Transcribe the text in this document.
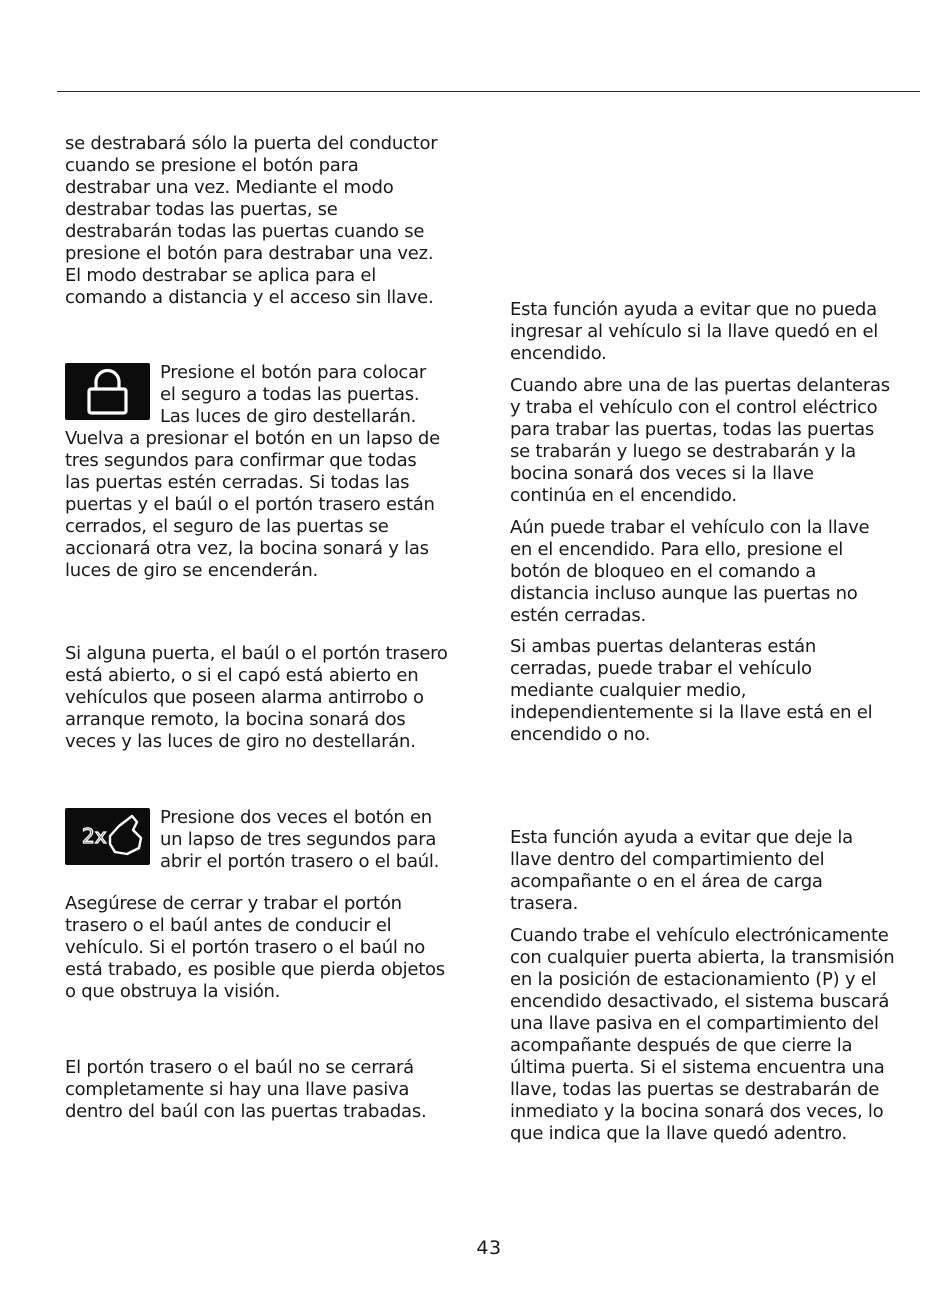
se destrabará sólo la puerta del conductor
cuando se presione el botón para
destrabar una vez. Mediante el modo
destrabar todas las puertas, se
destrabarán todas las puertas cuando se
presione el botón para destrabar una vez.
El modo destrabar se aplica para el
comando a distancia y el acceso sin llave.

Presione el botón para colocar
el seguro a todas las puertas.
Las luces de giro destellarán.

Vuelva a presionar el botón en un lapso de
tres segundos para confirmar que todas
las puertas estén cerradas. Si todas las
puertas y el baúl o el portón trasero están
cerrados, el seguro de las puertas se
accionará otra vez, la bocina sonará y las
luces de giro se encenderán.

Si alguna puerta, el baúl o el portón trasero
está abierto, o si el capó está abierto en
vehículos que poseen alarma antirrobo o
arranque remoto, la bocina sonará dos
veces y las luces de giro no destellarán.

2x

Presione dos veces el botón en
un lapso de tres segundos para
abrir el portón trasero o el baúl.

Asegúrese de cerrar y trabar el portón
trasero o el baúl antes de conducir el
vehículo. Si el portón trasero o el baúl no
está trabado, es posible que pierda objetos
o que obstruya la visión.

El portón trasero o el baúl no se cerrará
completamente si hay una llave pasiva
dentro del baúl con las puertas trabadas.

Esta función ayuda a evitar que no pueda
ingresar al vehículo si la llave quedó en el
encendido.

Cuando abre una de las puertas delanteras
y traba el vehículo con el control eléctrico
para trabar las puertas, todas las puertas
se trabarán y luego se destrabarán y la
bocina sonará dos veces si la llave
continúa en el encendido.

Aún puede trabar el vehículo con la llave
en el encendido. Para ello, presione el
botón de bloqueo en el comando a
distancia incluso aunque las puertas no
estén cerradas.

Si ambas puertas delanteras están
cerradas, puede trabar el vehículo
mediante cualquier medio,
independientemente si la llave está en el
encendido o no.

Esta función ayuda a evitar que deje la
llave dentro del compartimiento del
acompañante o en el área de carga
trasera.

Cuando trabe el vehículo electrónicamente
con cualquier puerta abierta, la transmisión
en la posición de estacionamiento (P) y el
encendido desactivado, el sistema buscará
una llave pasiva en el compartimiento del
acompañante después de que cierre la
última puerta. Si el sistema encuentra una
llave, todas las puertas se destrabarán de
inmediato y la bocina sonará dos veces, lo
que indica que la llave quedó adentro.

43
